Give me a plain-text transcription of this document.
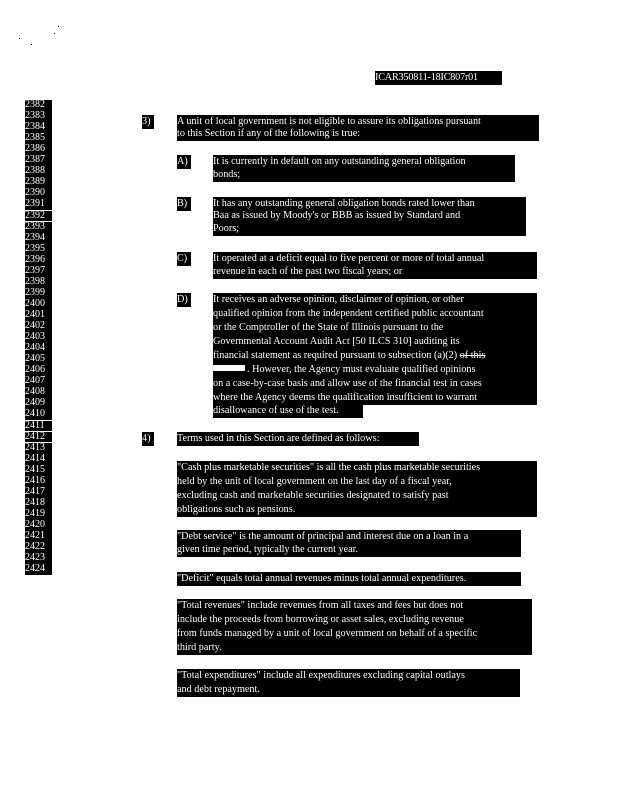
ICAR350811-18IC807r01
2382
2383
2384
2385
2386
2387
2388
2389
2390
2391
2392
2393
2394
2395
2396
2397
2398
2399
2400
2401
2402
2403
2404
2405
2406
2407
2408
2409
2410
2411
2412
2413
2414
2415
2416
2417
2418
2419
2420
2421
2422
2423
2424
3)	A unit of local government is not eligible to assure its obligations pursuant
to this Section if any of the following is true:
A)	It is currently in default on any outstanding general obligation
bonds;
B)	It has any outstanding general obligation bonds rated lower than
Baa as issued by Moody's or BBB as issued by Standard and
Poors;
C)	It operated at a deficit equal to five percent or more of total annual
revenue in each of the past two fiscal years; or
D)	It receives an adverse opinion, disclaimer of opinion, or other
qualified opinion from the independent certified public accountant
or the Comptroller of the State of Illinois pursuant to the
Governmental Account Audit Act [50 ILCS 310] auditing its
financial statement as required pursuant to subsection (a)(2) of this
. However, the Agency must evaluate qualified opinions
on a case-by-case basis and allow use of the financial test in cases
where the Agency deems the qualification insufficient to warrant
disallowance of use of the test.
4)	Terms used in this Section are defined as follows:
"Cash plus marketable securities" is all the cash plus marketable securities
held by the unit of local government on the last day of a fiscal year,
excluding cash and marketable securities designated to satisfy past
obligations such as pensions.
"Debt service" is the amount of principal and interest due on a loan in a
given time period, typically the current year.
"Deficit" equals total annual revenues minus total annual expenditures.
"Total revenues" include revenues from all taxes and fees but does not
include the proceeds from borrowing or asset sales, excluding revenue
from funds managed by a unit of local government on behalf of a specific
third party.
"Total expenditures" include all expenditures excluding capital outlays
and debt repayment.
